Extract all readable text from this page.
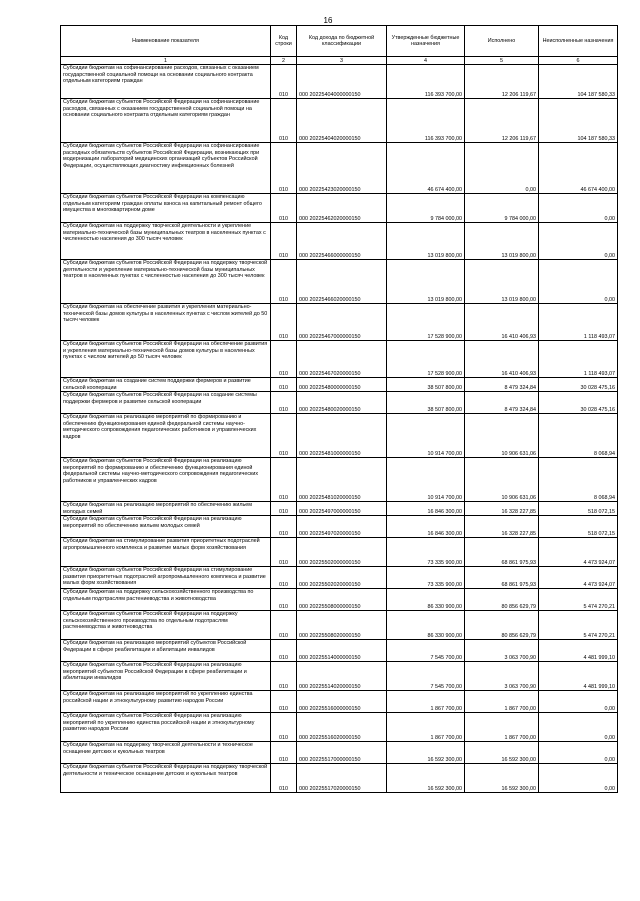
16
Наименование показателя	Код строки	Код дохода по бюджетной классификации	Утвержденные бюджетные назначения	Исполнено	Неисполненные назначения
1	2	3	4	5	6
Субсидии бюджетам на софинансирование расходов, связанных с оказанием государственной социальной помощи на основании социального контракта отдельным категориям граждан	010	000 20225404000000150	116 393 700,00	12 206 119,67	104 187 580,33
Субсидии бюджетам субъектов Российской Федерации на софинансирование расходов, связанных с оказанием государственной социальной помощи на основании социального контракта отдельным категориям граждан	010	000 20225404020000150	116 393 700,00	12 206 119,67	104 187 580,33
Субсидии бюджетам субъектов Российской Федерации на софинансирование расходных обязательств субъектов Российской Федерации, возникающих при модернизации лабораторий медицинских организаций субъектов Российской Федерации, осуществляющих диагностику инфекционных болезней	010	000 20225423020000150	46 674 400,00	0,00	46 674 400,00
Субсидии бюджетам субъектов Российской Федерации на компенсацию отдельным категориям граждан оплаты взноса на капитальный ремонт общего имущества в многоквартирном доме	010	000 20225462020000150	9 784 000,00	9 784 000,00	0,00
Субсидии бюджетам на поддержку творческой деятельности и укрепление материально-технической базы муниципальных театров в населенных пунктах с численностью населения до 300 тысяч человек	010	000 20225466000000150	13 019 800,00	13 019 800,00	0,00
Субсидии бюджетам субъектов Российской Федерации на поддержку творческой деятельности и укрепление материально-технической базы муниципальных театров в населенных пунктах с численностью населения до 300 тысяч человек	010	000 20225466020000150	13 019 800,00	13 019 800,00	0,00
Субсидии бюджетам на обеспечение развития и укрепления материально-технической базы домов культуры в населенных пунктах с числом жителей до 50 тысяч человек	010	000 20225467000000150	17 528 900,00	16 410 406,93	1 118 493,07
Субсидии бюджетам субъектов Российской Федерации на обеспечение развития и укрепления материально-технической базы домов культуры в населенных пунктах с числом жителей до 50 тысяч человек	010	000 20225467020000150	17 528 900,00	16 410 406,93	1 118 493,07
Субсидии бюджетам на создание систем поддержки фермеров и развитие сельской кооперации	010	000 20225480000000150	38 507 800,00	8 479 324,84	30 028 475,16
Субсидии бюджетам субъектов Российской Федерации на создание системы поддержки фермеров и развитие сельской кооперации	010	000 20225480020000150	38 507 800,00	8 479 324,84	30 028 475,16
Субсидии бюджетам на реализацию мероприятий по формированию и обеспечению функционирования единой федеральной системы научно-методического сопровождения педагогических работников и управленческих кадров	010	000 20225481000000150	10 914 700,00	10 906 631,06	8 068,94
Субсидии бюджетам субъектов Российской Федерации на реализацию мероприятий по формированию и обеспечению функционирования единой федеральной системы научно-методического сопровождения педагогических работников и управленческих кадров	010	000 20225481020000150	10 914 700,00	10 906 631,06	8 068,94
Субсидии бюджетам на реализацию мероприятий по обеспечению жильем молодых семей	010	000 20225497000000150	16 846 300,00	16 328 227,85	518 072,15
Субсидии бюджетам субъектов Российской Федерации на реализацию мероприятий по обеспечению жильем молодых семей	010	000 20225497020000150	16 846 300,00	16 328 227,85	518 072,15
Субсидии бюджетам на стимулирование развития приоритетных подотраслей агропромышленного комплекса и развитие малых форм хозяйствования	010	000 20225502000000150	73 335 900,00	68 861 975,93	4 473 924,07
Субсидии бюджетам субъектов Российской Федерации на стимулирование развития приоритетных подотраслей агропромышленного комплекса и развитие малых форм хозяйствования	010	000 20225502020000150	73 335 900,00	68 861 975,93	4 473 924,07
Субсидии бюджетам на поддержку сельскохозяйственного производства по отдельным подотраслям растениеводства и животноводства	010	000 20225508000000150	86 330 900,00	80 856 629,79	5 474 270,21
Субсидии бюджетам субъектов Российской Федерации на поддержку сельскохозяйственного производства по отдельным подотраслям растениеводства и животноводства	010	000 20225508020000150	86 330 900,00	80 856 629,79	5 474 270,21
Субсидии бюджетам на реализацию мероприятий субъектов Российской Федерации в сфере реабилитации и абилитации инвалидов	010	000 20225514000000150	7 545 700,00	3 063 700,90	4 481 999,10
Субсидии бюджетам субъектов Российской Федерации на реализацию мероприятий субъектов Российской Федерации в сфере реабилитации и абилитации инвалидов	010	000 20225514020000150	7 545 700,00	3 063 700,90	4 481 999,10
Субсидии бюджетам на реализацию мероприятий по укреплению единства российской нации и этнокультурному развитию народов России	010	000 20225516000000150	1 867 700,00	1 867 700,00	0,00
Субсидии бюджетам субъектов Российской Федерации на реализацию мероприятий по укреплению единства российской нации и этнокультурному развитию народов России	010	000 20225516020000150	1 867 700,00	1 867 700,00	0,00
Субсидии бюджетам на поддержку творческой деятельности и техническое оснащение детских и кукольных театров	010	000 20225517000000150	16 592 300,00	16 592 300,00	0,00
Субсидии бюджетам субъектов Российской Федерации на поддержку творческой деятельности и техническое оснащение детских и кукольных театров	010	000 20225517020000150	16 592 300,00	16 592 300,00	0,00
